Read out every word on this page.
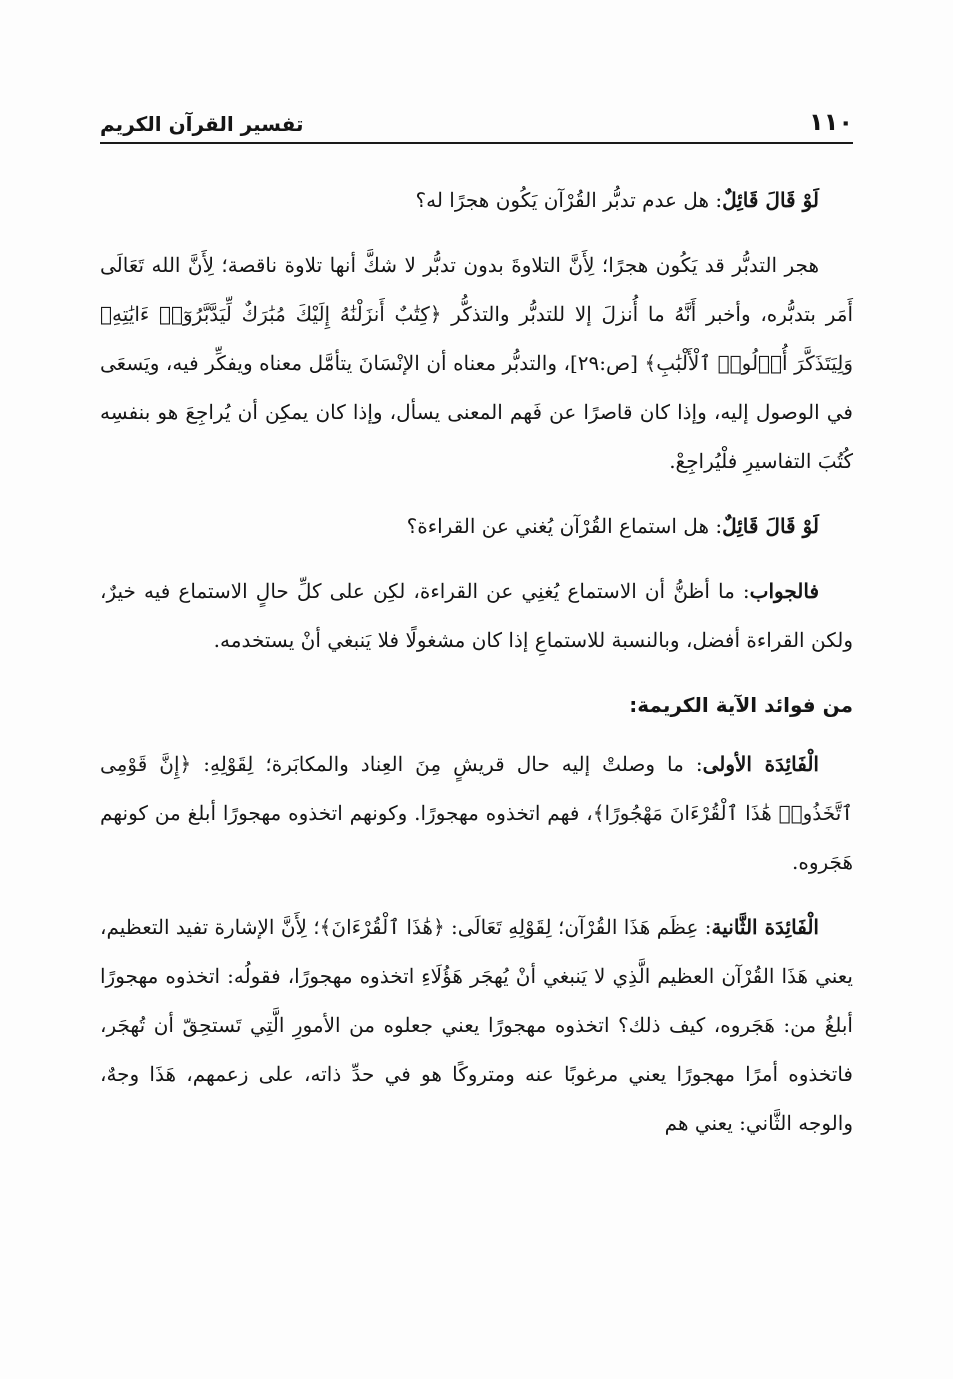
١١٠
تفسير القرآن الكريم

لَوْ قَالَ قَائِلٌ: هل عدم تدبُّر القُرْآن يَكُون هجرًا له؟

هجر التدبُّر قد يَكُون هجرًا؛ لِأَنَّ التلاوةَ بدون تدبُّر لا شكَّ أنها تلاوة ناقصة؛ لِأَنَّ الله تَعَالَى أَمَر بتدبُّره، وأخبر أَنَّهُ ما أُنزلَ إلا للتدبُّر والتذكُّر ﴿كِتَٰبٌ أَنزَلْنَٰهُ إِلَيْكَ مُبَٰرَكٌ لِّيَدَّبَّرُوٓا۟ ءَايَٰتِهِۦ وَلِيَتَذَكَّرَ أُو۟لُوا۟ ٱلْأَلْبَٰبِ﴾ [ص:٢٩]، والتدبُّر معناه أن الإنْسَانَ يتأمَّل معناه ويفكِّر فيه، ويَسعَى في الوصول إليه، وإذا كان قاصرًا عن فَهم المعنى يسأل، وإذا كان يمكِن أن يُراجِعَ هو بنفسِه كُتُبَ التفاسيرِ فلْيُراجِعْ.

لَوْ قَالَ قَائِلٌ: هل استماع القُرْآن يُغني عن القراءة؟

فالجواب: ما أظنُّ أن الاستماع يُغنِي عن القراءة، لكِن على كلِّ حالٍ الاستماع فيه خيرٌ، ولكن القراءة أفضل، وبالنسبة للاستماعِ إذا كان مشغولًا فلا يَنبغي أنْ يستخدمه.

من فوائد الآية الكريمة:

الْفَائِدَة الأولى: ما وصلتْ إليه حال قريشٍ مِنَ العِناد والمكابَرة؛ لِقَوْلِهِ: ﴿إِنَّ قَوْمِى ٱتَّخَذُوا۟ هَٰذَا ٱلْقُرْءَانَ مَهْجُورًا﴾، فهم اتخذوه مهجورًا. وكونهم اتخذوه مهجورًا أبلغ من كونهم هَجَروه.

الْفَائِدَة الثَّانية: عِظَم هَذَا القُرْآن؛ لِقَوْلِهِ تَعَالَى: ﴿هَٰذَا ٱلْقُرْءَانَ﴾؛ لِأَنَّ الإشارة تفيد التعظيم، يعني هَذَا القُرْآن العظيم الَّذِي لا يَنبغي أنْ يُهجَر هَؤُلَاءِ اتخذوه مهجورًا، فقولُه: اتخذوه مهجورًا أبلغُ من: هَجَروه، كيف ذلك؟ اتخذوه مهجورًا يعني جعلوه من الأمورِ الَّتِي تَستحِقّ أن تُهجَر، فاتخذوه أمرًا مهجورًا يعني مرغوبًا عنه ومتروكًا هو في حدِّ ذاته، على زعمهم، هَذَا وجهٌ، والوجه الثَّاني: يعني هم
